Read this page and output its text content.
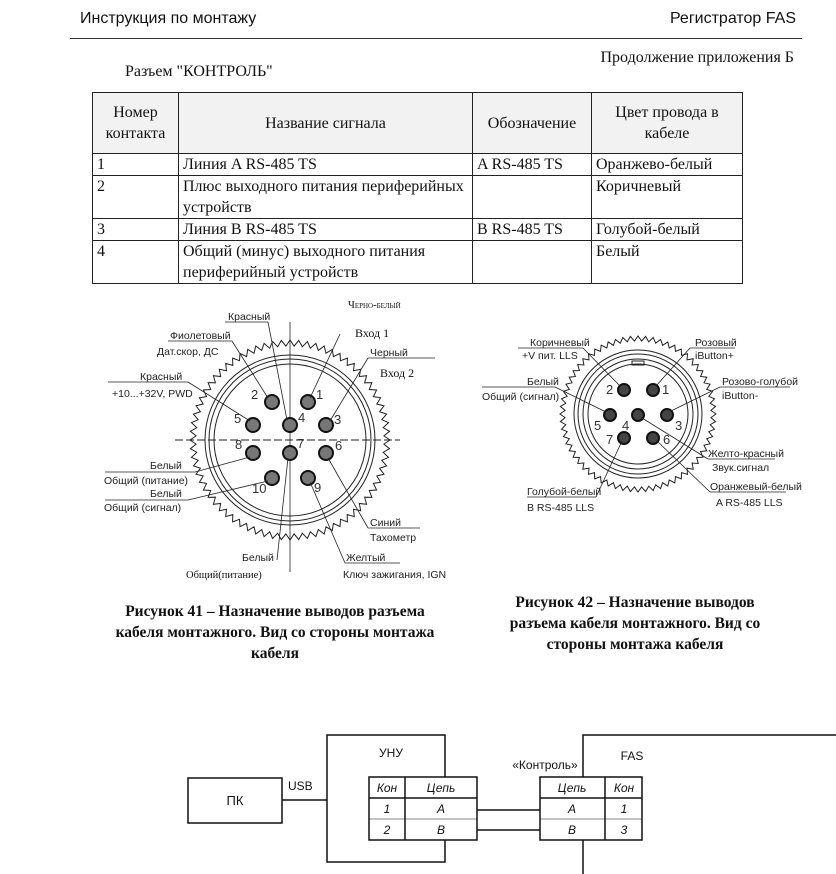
Инструкция по монтажу	Регистратор FAS
Продолжение приложения Б
Разъем "КОНТРОЛЬ"
Номер контакта	Название сигнала	Обозначение	Цвет провода в кабеле
1	Линия A RS-485 TS	A RS-485 TS	Оранжево-белый
2	Плюс выходного питания периферийных устройств		Коричневый
3	Линия B RS-485 TS	B RS-485 TS	Голубой-белый
4	Общий (минус) выходного питания периферийный устройств		Белый
Красный
Фиолетовый
Дат.скор, ДС
Красный
+10...+32V, PWD
Черно-белый
Вход 1
Черный
Вход 2
Белый
Общий (питание)
Белый
Общий (сигнал)
Синий
Тахометр
Белый	Желтый
Общий(питание)	Ключ зажигания, IGN
Коричневый
+V пит. LLS
Розовый
iButton+
Белый
Общий (сигнал)
Розово-голубой
iButton-
Желто-красный
Звук.сигнал
Оранжевый-белый
A RS-485 LLS
Голубой-белый
B RS-485 LLS
ПК
USB
УНУ	FAS
«Контроль»
Кон Цепь
1	A
2	B
Цепь Кон
A	1
B	3
1
2
3
4
5
6
7
8
9
10
1
2
3
4
5
6
7
Рисунок 41 – Назначение выводов разъема
кабеля монтажного. Вид со стороны монтажа
кабеля
Рисунок 42 – Назначение выводов
разъема кабеля монтажного. Вид со
стороны монтажа кабеля
